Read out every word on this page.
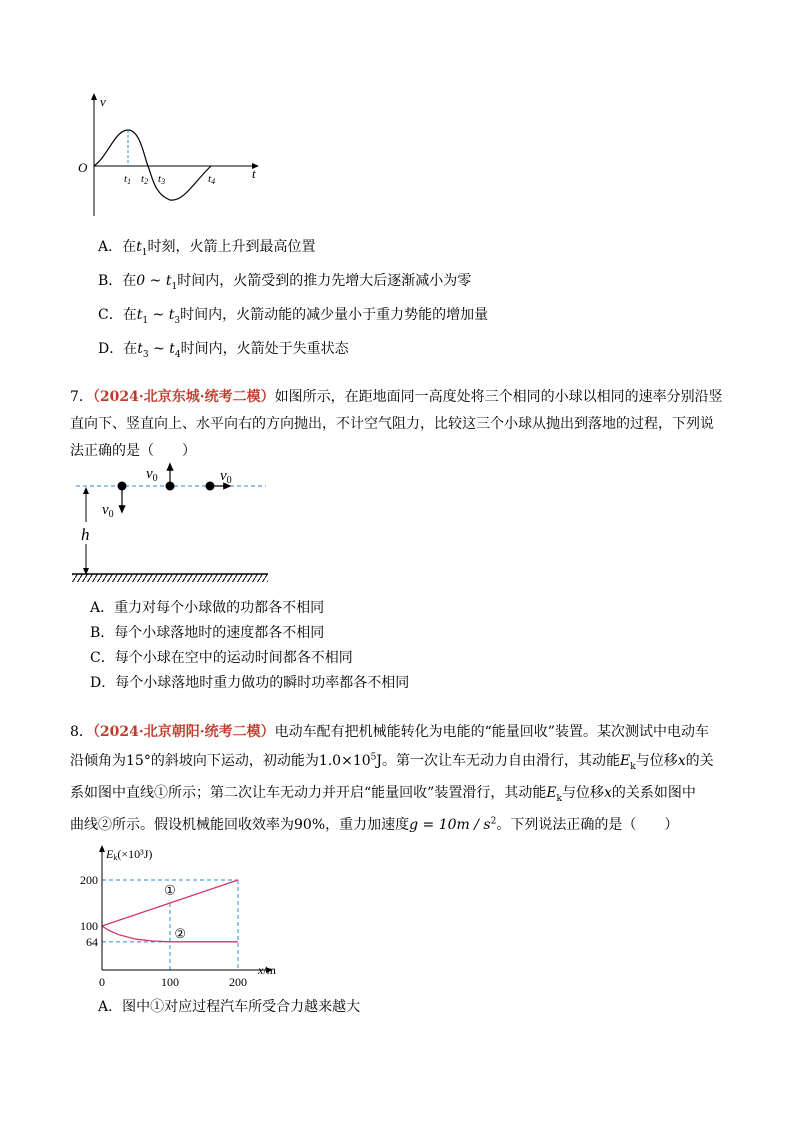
v
O	t
t1 t2 t3	t4
A．在$t_1$时刻，火箭上升到最高位置
B．在0 ~ $t_1$时间内，火箭受到的推力先增大后逐渐减小为零
C．在$t_1$ ~ $t_3$时间内，火箭动能的减少量小于重力势能的增加量
D．在$t_3$ ~ $t_4$时间内，火箭处于失重状态
7．（2024·北京东城·统考二模）如图所示，在距地面同一高度处将三个相同的小球以相同的速率分别沿竖
直向下、竖直向上、水平向右的方向抛出，不计空气阻力，比较这三个小球从抛出到落地的过程，下列说
法正确的是（　　）
h
$v_0$
$v_0$	$v_0$
A．重力对每个小球做的功都各不相同
B．每个小球落地时的速度都各不相同
C．每个小球在空中的运动时间都各不相同
D．每个小球落地时重力做功的瞬时功率都各不相同
8．（2024·北京朝阳·统考二模）电动车配有把机械能转化为电能的“能量回收”装置。某次测试中电动车
沿倾角为15°的斜坡向下运动，初动能为$1.0\times 10^5J$。第一次让车无动力自由滑行，其动能$E_k$与位移x的关
系如图中直线①所示；第二次让车无动力并开启“能量回收”装置滑行，其动能$E_k$与位移x的关系如图中
曲线②所示。假设机械能回收效率为90%，重力加速度$g = 10m / s^2$。下列说法正确的是（　　）
200
100
64
100	200
①
②
Ek(×10³J)
x/m
0
A．图中①对应过程汽车所受合力越来越大
